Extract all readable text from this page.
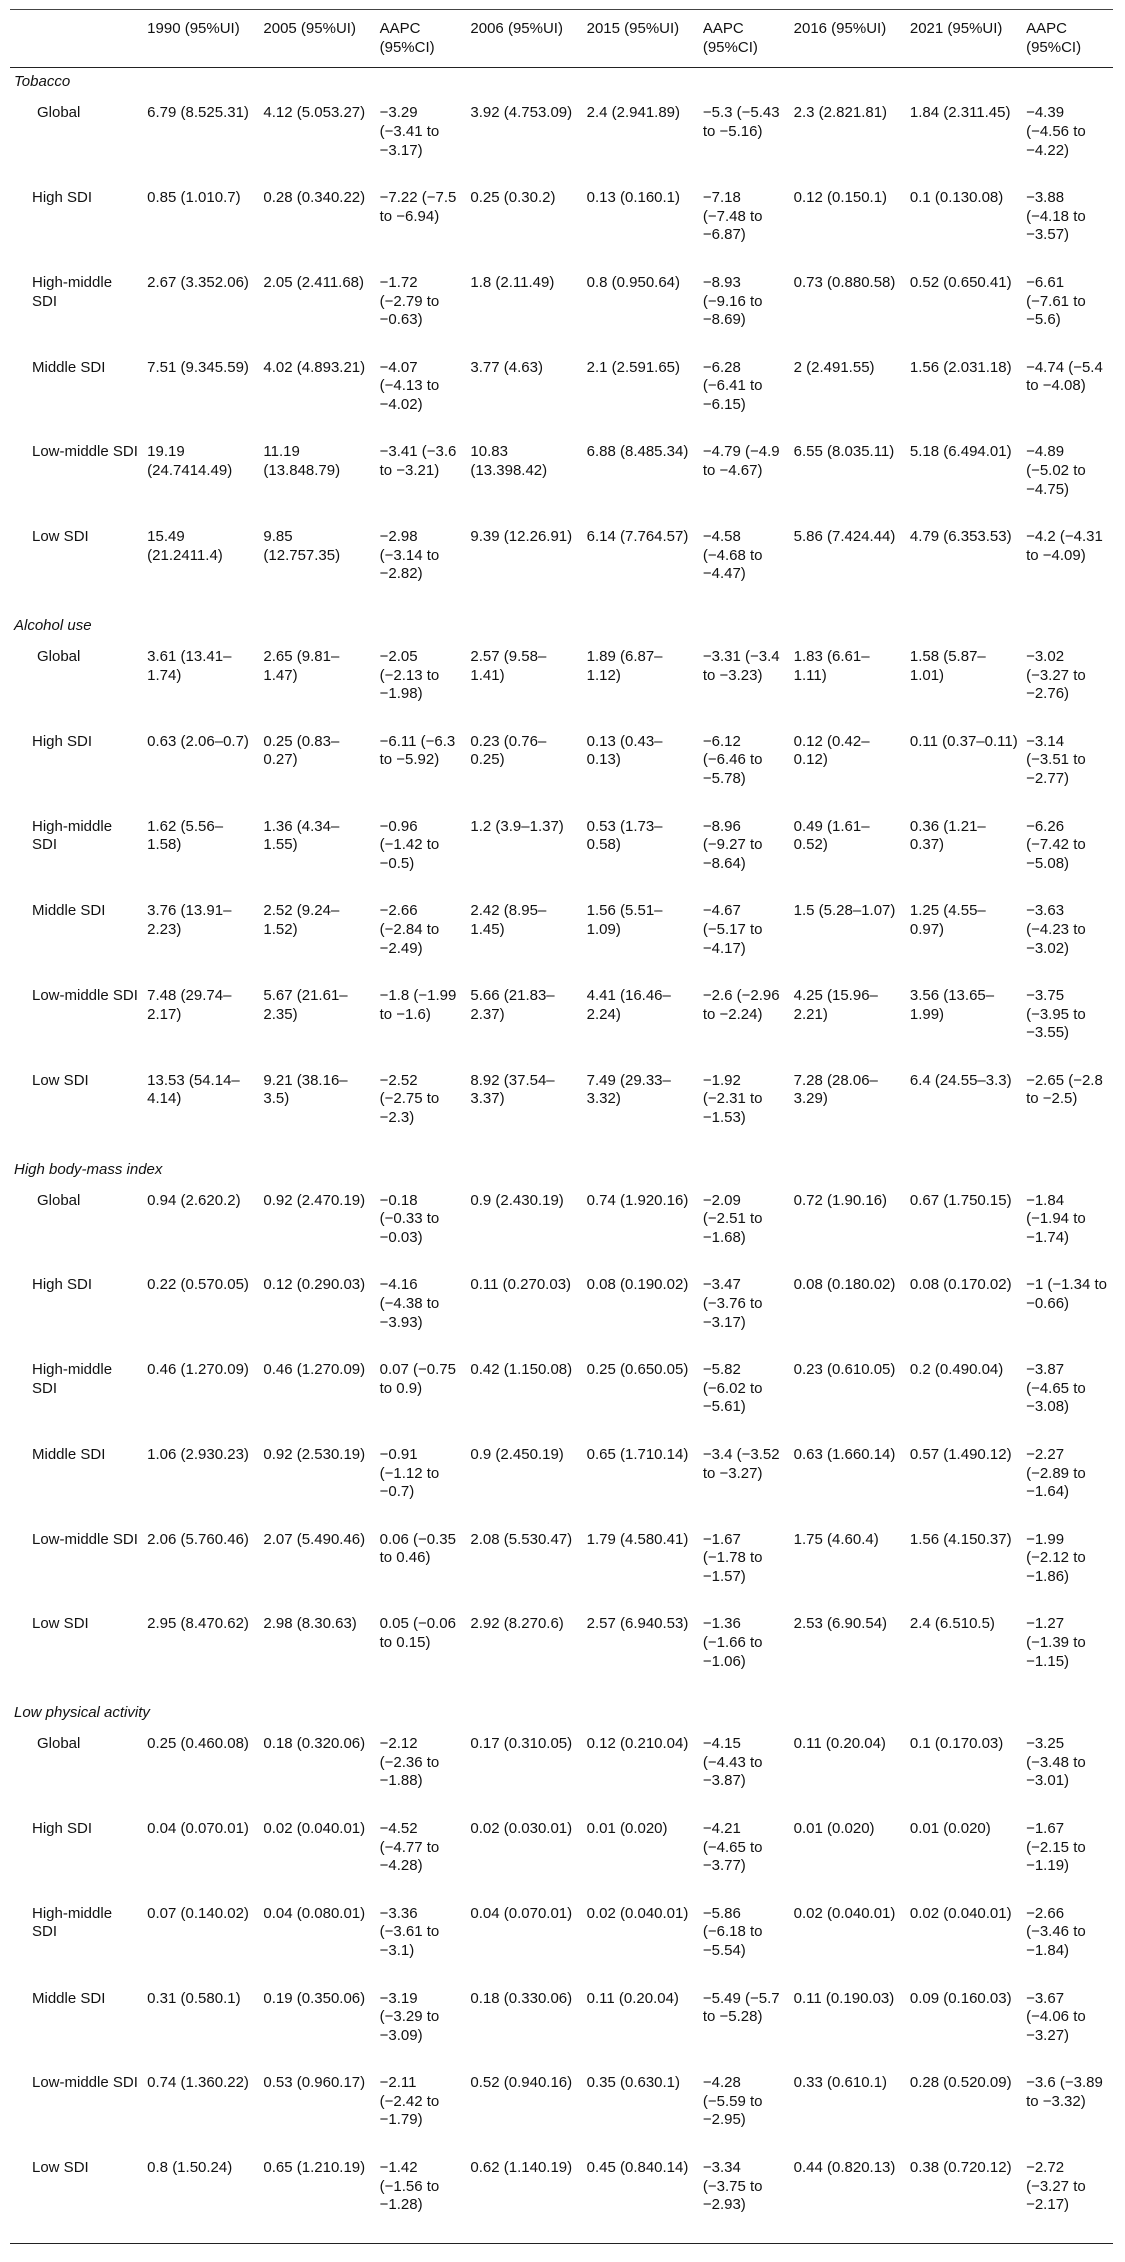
	1990 (95%UI)	2005 (95%UI)	AAPC (95%CI)	2006 (95%UI)	2015 (95%UI)	AAPC (95%CI)	2016 (95%UI)	2021 (95%UI)	AAPC (95%CI)
Tobacco									
Global	6.79 (8.525.31)	4.12 (5.053.27)	−3.29 (−3.41 to −3.17)	3.92 (4.753.09)	2.4 (2.941.89)	−5.3 (−5.43 to −5.16)	2.3 (2.821.81)	1.84 (2.311.45)	−4.39 (−4.56 to −4.22)
High SDI	0.85 (1.010.7)	0.28 (0.340.22)	−7.22 (−7.5 to −6.94)	0.25 (0.30.2)	0.13 (0.160.1)	−7.18 (−7.48 to −6.87)	0.12 (0.150.1)	0.1 (0.130.08)	−3.88 (−4.18 to −3.57)
High-middle SDI	2.67 (3.352.06)	2.05 (2.411.68)	−1.72 (−2.79 to −0.63)	1.8 (2.11.49)	0.8 (0.950.64)	−8.93 (−9.16 to −8.69)	0.73 (0.880.58)	0.52 (0.650.41)	−6.61 (−7.61 to −5.6)
Middle SDI	7.51 (9.345.59)	4.02 (4.893.21)	−4.07 (−4.13 to −4.02)	3.77 (4.63)	2.1 (2.591.65)	−6.28 (−6.41 to −6.15)	2 (2.491.55)	1.56 (2.031.18)	−4.74 (−5.4 to −4.08)
Low-middle SDI	19.19 (24.7414.49)	11.19 (13.848.79)	−3.41 (−3.6 to −3.21)	10.83 (13.398.42)	6.88 (8.485.34)	−4.79 (−4.9 to −4.67)	6.55 (8.035.11)	5.18 (6.494.01)	−4.89 (−5.02 to −4.75)
Low SDI	15.49 (21.2411.4)	9.85 (12.757.35)	−2.98 (−3.14 to −2.82)	9.39 (12.26.91)	6.14 (7.764.57)	−4.58 (−4.68 to −4.47)	5.86 (7.424.44)	4.79 (6.353.53)	−4.2 (−4.31 to −4.09)
Alcohol use									
Global	3.61 (13.41–1.74)	2.65 (9.81–1.47)	−2.05 (−2.13 to −1.98)	2.57 (9.58–1.41)	1.89 (6.87–1.12)	−3.31 (−3.4 to −3.23)	1.83 (6.61–1.11)	1.58 (5.87–1.01)	−3.02 (−3.27 to −2.76)
High SDI	0.63 (2.06–0.7)	0.25 (0.83–0.27)	−6.11 (−6.3 to −5.92)	0.23 (0.76–0.25)	0.13 (0.43–0.13)	−6.12 (−6.46 to −5.78)	0.12 (0.42–0.12)	0.11 (0.37–0.11)	−3.14 (−3.51 to −2.77)
High-middle SDI	1.62 (5.56–1.58)	1.36 (4.34–1.55)	−0.96 (−1.42 to −0.5)	1.2 (3.9–1.37)	0.53 (1.73–0.58)	−8.96 (−9.27 to −8.64)	0.49 (1.61–0.52)	0.36 (1.21–0.37)	−6.26 (−7.42 to −5.08)
Middle SDI	3.76 (13.91–2.23)	2.52 (9.24–1.52)	−2.66 (−2.84 to −2.49)	2.42 (8.95–1.45)	1.56 (5.51–1.09)	−4.67 (−5.17 to −4.17)	1.5 (5.28–1.07)	1.25 (4.55–0.97)	−3.63 (−4.23 to −3.02)
Low-middle SDI	7.48 (29.74–2.17)	5.67 (21.61–2.35)	−1.8 (−1.99 to −1.6)	5.66 (21.83–2.37)	4.41 (16.46–2.24)	−2.6 (−2.96 to −2.24)	4.25 (15.96–2.21)	3.56 (13.65–1.99)	−3.75 (−3.95 to −3.55)
Low SDI	13.53 (54.14–4.14)	9.21 (38.16–3.5)	−2.52 (−2.75 to −2.3)	8.92 (37.54–3.37)	7.49 (29.33–3.32)	−1.92 (−2.31 to −1.53)	7.28 (28.06–3.29)	6.4 (24.55–3.3)	−2.65 (−2.8 to −2.5)
High body-mass index									
Global	0.94 (2.620.2)	0.92 (2.470.19)	−0.18 (−0.33 to −0.03)	0.9 (2.430.19)	0.74 (1.920.16)	−2.09 (−2.51 to −1.68)	0.72 (1.90.16)	0.67 (1.750.15)	−1.84 (−1.94 to −1.74)
High SDI	0.22 (0.570.05)	0.12 (0.290.03)	−4.16 (−4.38 to −3.93)	0.11 (0.270.03)	0.08 (0.190.02)	−3.47 (−3.76 to −3.17)	0.08 (0.180.02)	0.08 (0.170.02)	−1 (−1.34 to −0.66)
High-middle SDI	0.46 (1.270.09)	0.46 (1.270.09)	0.07 (−0.75 to 0.9)	0.42 (1.150.08)	0.25 (0.650.05)	−5.82 (−6.02 to −5.61)	0.23 (0.610.05)	0.2 (0.490.04)	−3.87 (−4.65 to −3.08)
Middle SDI	1.06 (2.930.23)	0.92 (2.530.19)	−0.91 (−1.12 to −0.7)	0.9 (2.450.19)	0.65 (1.710.14)	−3.4 (−3.52 to −3.27)	0.63 (1.660.14)	0.57 (1.490.12)	−2.27 (−2.89 to −1.64)
Low-middle SDI	2.06 (5.760.46)	2.07 (5.490.46)	0.06 (−0.35 to 0.46)	2.08 (5.530.47)	1.79 (4.580.41)	−1.67 (−1.78 to −1.57)	1.75 (4.60.4)	1.56 (4.150.37)	−1.99 (−2.12 to −1.86)
Low SDI	2.95 (8.470.62)	2.98 (8.30.63)	0.05 (−0.06 to 0.15)	2.92 (8.270.6)	2.57 (6.940.53)	−1.36 (−1.66 to −1.06)	2.53 (6.90.54)	2.4 (6.510.5)	−1.27 (−1.39 to −1.15)
Low physical activity									
Global	0.25 (0.460.08)	0.18 (0.320.06)	−2.12 (−2.36 to −1.88)	0.17 (0.310.05)	0.12 (0.210.04)	−4.15 (−4.43 to −3.87)	0.11 (0.20.04)	0.1 (0.170.03)	−3.25 (−3.48 to −3.01)
High SDI	0.04 (0.070.01)	0.02 (0.040.01)	−4.52 (−4.77 to −4.28)	0.02 (0.030.01)	0.01 (0.020)	−4.21 (−4.65 to −3.77)	0.01 (0.020)	0.01 (0.020)	−1.67 (−2.15 to −1.19)
High-middle SDI	0.07 (0.140.02)	0.04 (0.080.01)	−3.36 (−3.61 to −3.1)	0.04 (0.070.01)	0.02 (0.040.01)	−5.86 (−6.18 to −5.54)	0.02 (0.040.01)	0.02 (0.040.01)	−2.66 (−3.46 to −1.84)
Middle SDI	0.31 (0.580.1)	0.19 (0.350.06)	−3.19 (−3.29 to −3.09)	0.18 (0.330.06)	0.11 (0.20.04)	−5.49 (−5.7 to −5.28)	0.11 (0.190.03)	0.09 (0.160.03)	−3.67 (−4.06 to −3.27)
Low-middle SDI	0.74 (1.360.22)	0.53 (0.960.17)	−2.11 (−2.42 to −1.79)	0.52 (0.940.16)	0.35 (0.630.1)	−4.28 (−5.59 to −2.95)	0.33 (0.610.1)	0.28 (0.520.09)	−3.6 (−3.89 to −3.32)
Low SDI	0.8 (1.50.24)	0.65 (1.210.19)	−1.42 (−1.56 to −1.28)	0.62 (1.140.19)	0.45 (0.840.14)	−3.34 (−3.75 to −2.93)	0.44 (0.820.13)	0.38 (0.720.12)	−2.72 (−3.27 to −2.17)
